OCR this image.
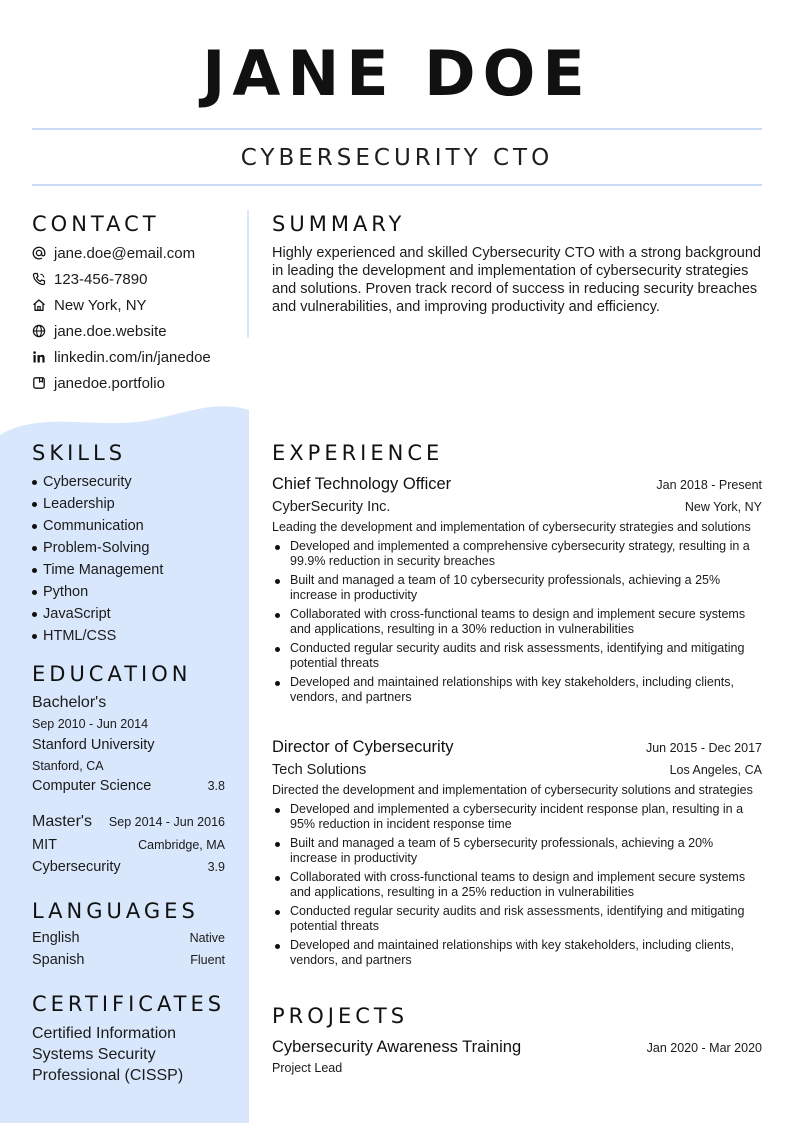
JANE DOE
CYBERSECURITY CTO
CONTACT
jane.doe@email.com
123-456-7890
New York, NY
jane.doe.website
linkedin.com/in/janedoe
janedoe.portfolio
SUMMARY
Highly experienced and skilled Cybersecurity CTO with a strong background in leading the development and implementation of cybersecurity strategies and solutions. Proven track record of success in reducing security breaches and vulnerabilities, and improving productivity and efficiency.
SKILLS
Cybersecurity
Leadership
Communication
Problem-Solving
Time Management
Python
JavaScript
HTML/CSS
EDUCATION
Bachelor's
Sep 2010 - Jun 2014
Stanford University
Stanford, CA
Computer Science	3.8
Master's Sep 2014 - Jun 2016
MIT	Cambridge, MA
Cybersecurity	3.9
LANGUAGES
English	Native
Spanish	Fluent
CERTIFICATES
Certified Information
Systems Security
Professional (CISSP)
EXPERIENCE
Chief Technology Officer	Jan 2018 - Present
CyberSecurity Inc.	New York, NY
Leading the development and implementation of cybersecurity strategies and solutions
Developed and implemented a comprehensive cybersecurity strategy, resulting in a 99.9% reduction in security breaches
Built and managed a team of 10 cybersecurity professionals, achieving a 25% increase in productivity
Collaborated with cross-functional teams to design and implement secure systems and applications, resulting in a 30% reduction in vulnerabilities
Conducted regular security audits and risk assessments, identifying and mitigating potential threats
Developed and maintained relationships with key stakeholders, including clients, vendors, and partners
Director of Cybersecurity	Jun 2015 - Dec 2017
Tech Solutions	Los Angeles, CA
Directed the development and implementation of cybersecurity solutions and strategies
Developed and implemented a cybersecurity incident response plan, resulting in a 95% reduction in incident response time
Built and managed a team of 5 cybersecurity professionals, achieving a 20% increase in productivity
Collaborated with cross-functional teams to design and implement secure systems and applications, resulting in a 25% reduction in vulnerabilities
Conducted regular security audits and risk assessments, identifying and mitigating potential threats
Developed and maintained relationships with key stakeholders, including clients, vendors, and partners
PROJECTS
Cybersecurity Awareness Training	Jan 2020 - Mar 2020
Project Lead
